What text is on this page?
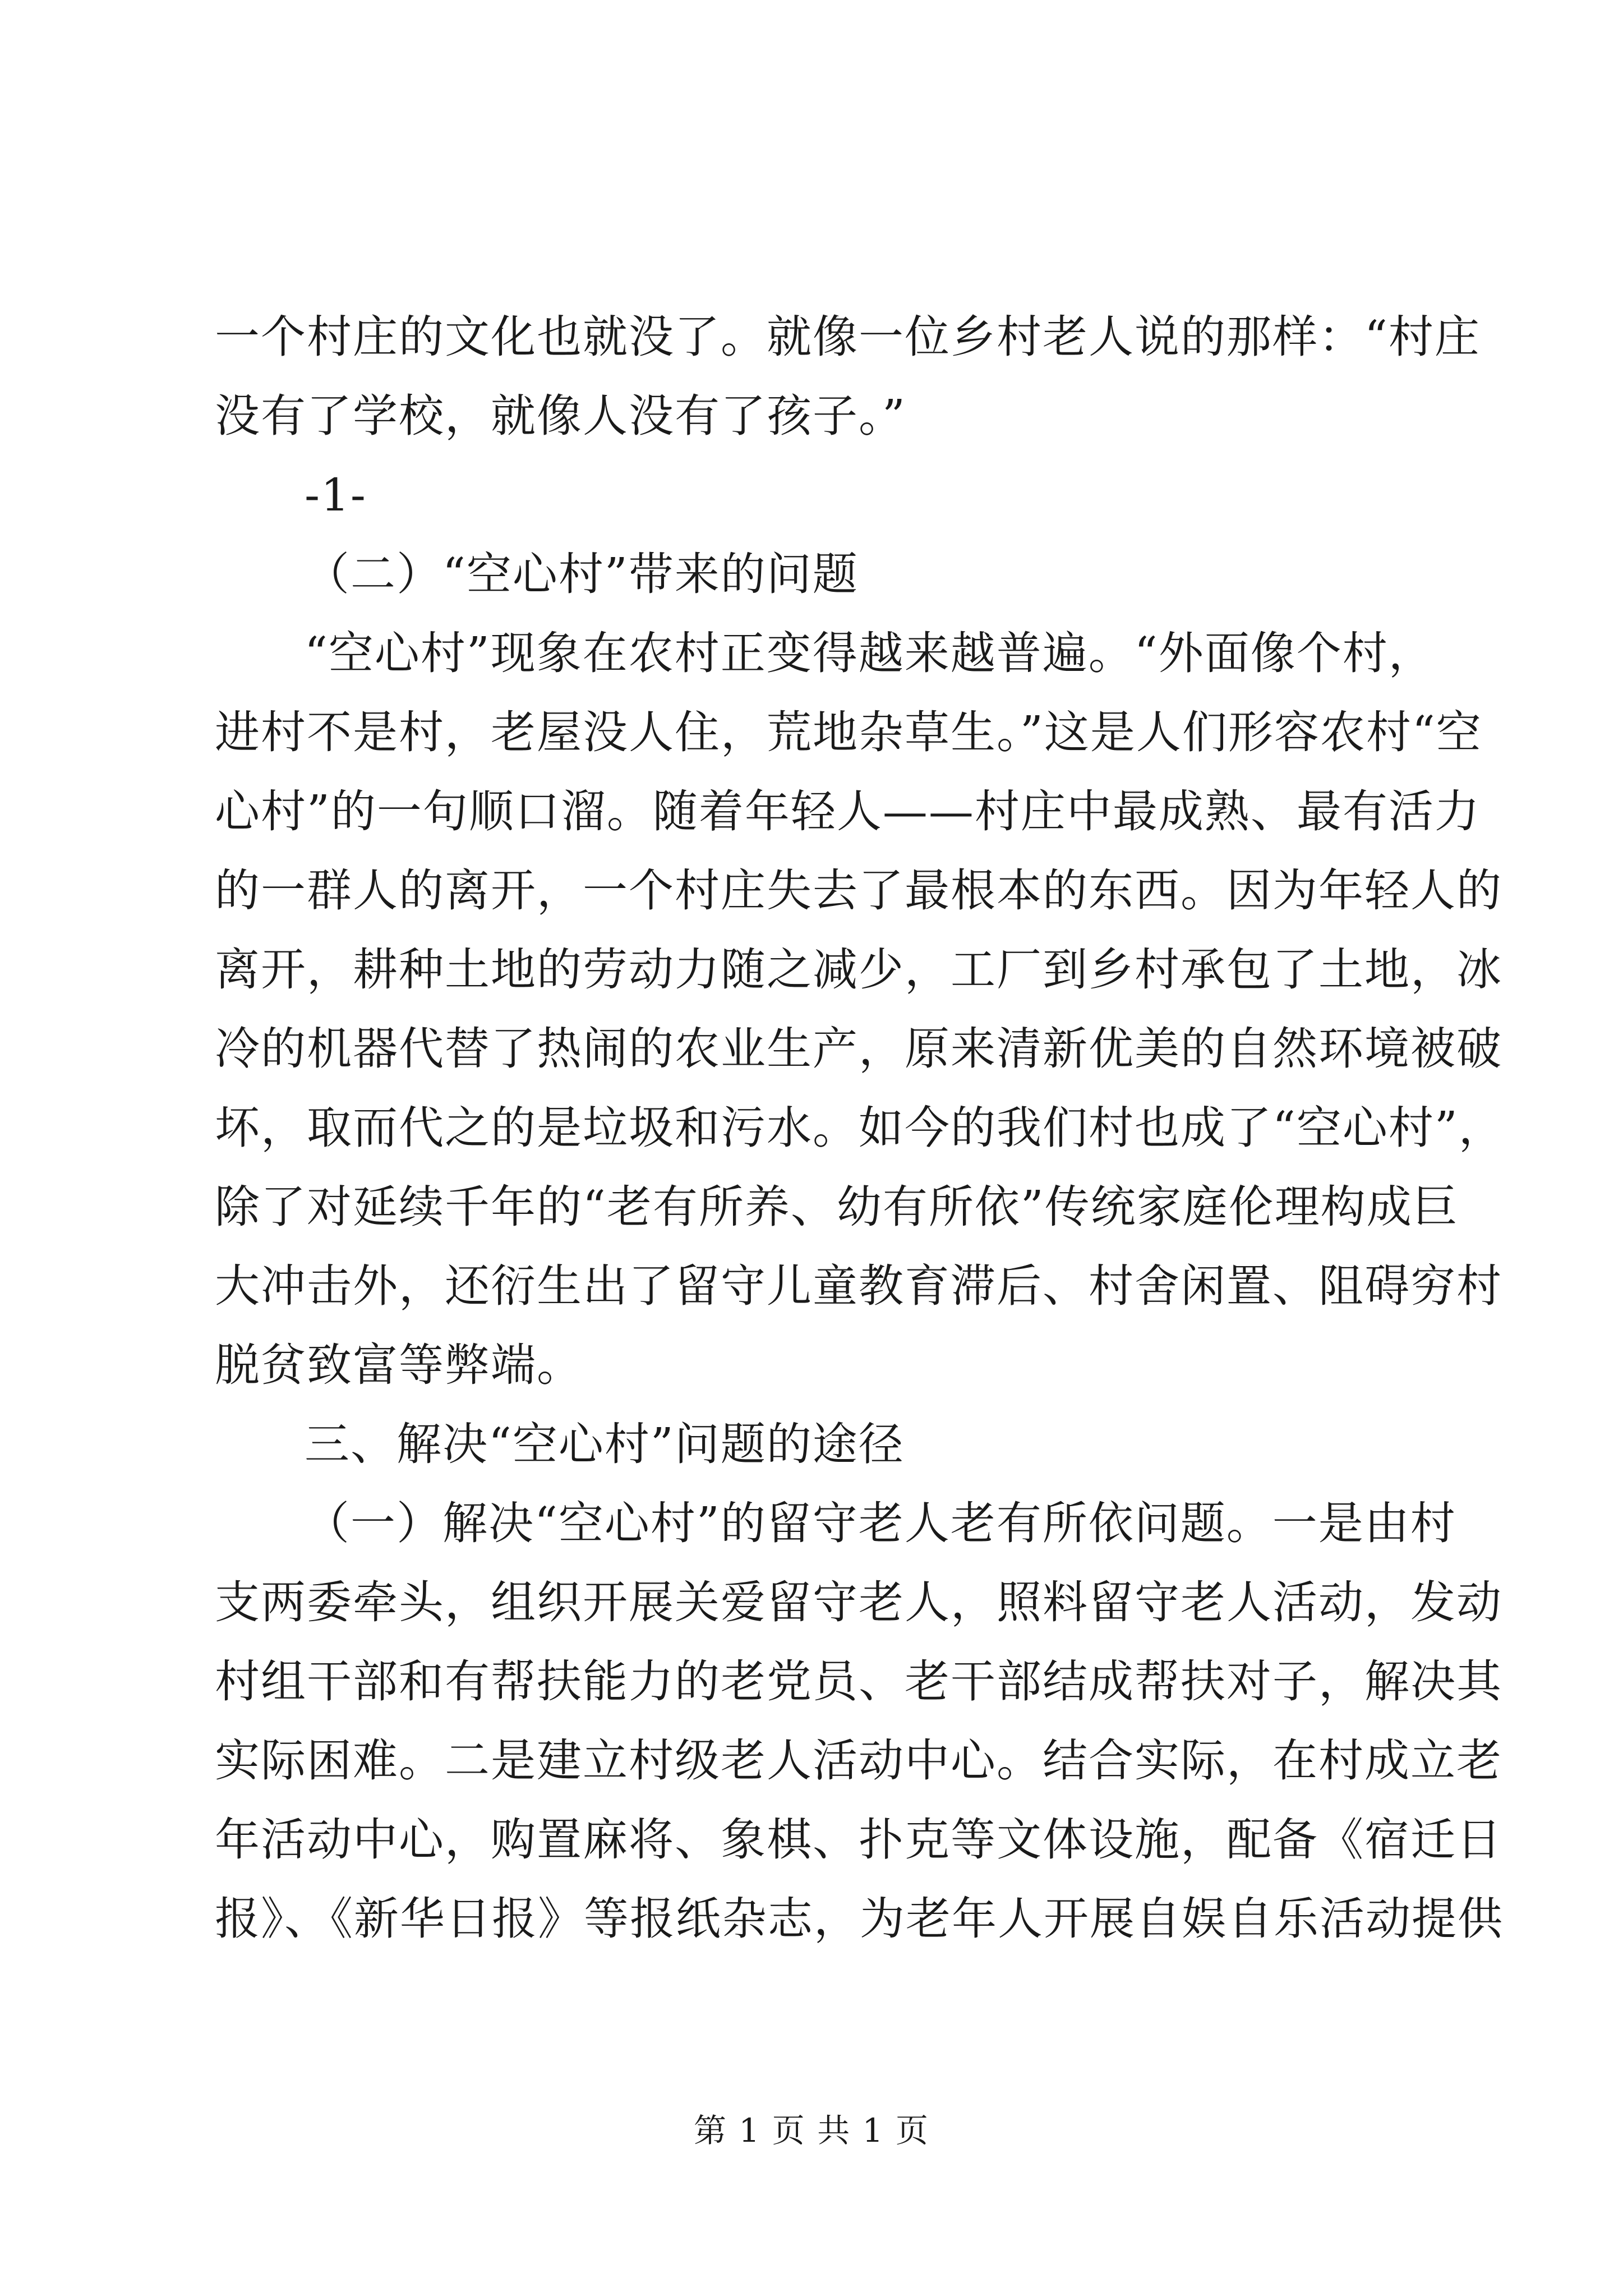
一个村庄的文化也就没了。就像一位乡村老人说的那样：“村庄
没有了学校，就像人没有了孩子。”
-1-
（二）“空心村”带来的问题
“空心村”现象在农村正变得越来越普遍。“外面像个村，
进村不是村，老屋没人住，荒地杂草生。”这是人们形容农村“空
心村”的一句顺口溜。随着年轻人——村庄中最成熟、最有活力
的一群人的离开，一个村庄失去了最根本的东西。因为年轻人的
离开，耕种土地的劳动力随之减少，工厂到乡村承包了土地，冰
冷的机器代替了热闹的农业生产，原来清新优美的自然环境被破
坏，取而代之的是垃圾和污水。如今的我们村也成了“空心村”，
除了对延续千年的“老有所养、幼有所依”传统家庭伦理构成巨
大冲击外，还衍生出了留守儿童教育滞后、村舍闲置、阻碍穷村
脱贫致富等弊端。
三、解决“空心村”问题的途径
（一）解决“空心村”的留守老人老有所依问题。一是由村
支两委牵头，组织开展关爱留守老人，照料留守老人活动，发动
村组干部和有帮扶能力的老党员、老干部结成帮扶对子，解决其
实际困难。二是建立村级老人活动中心。结合实际，在村成立老
年活动中心，购置麻将、象棋、扑克等文体设施，配备《宿迁日
报》、《新华日报》等报纸杂志，为老年人开展自娱自乐活动提供
第 1 页 共 1 页
